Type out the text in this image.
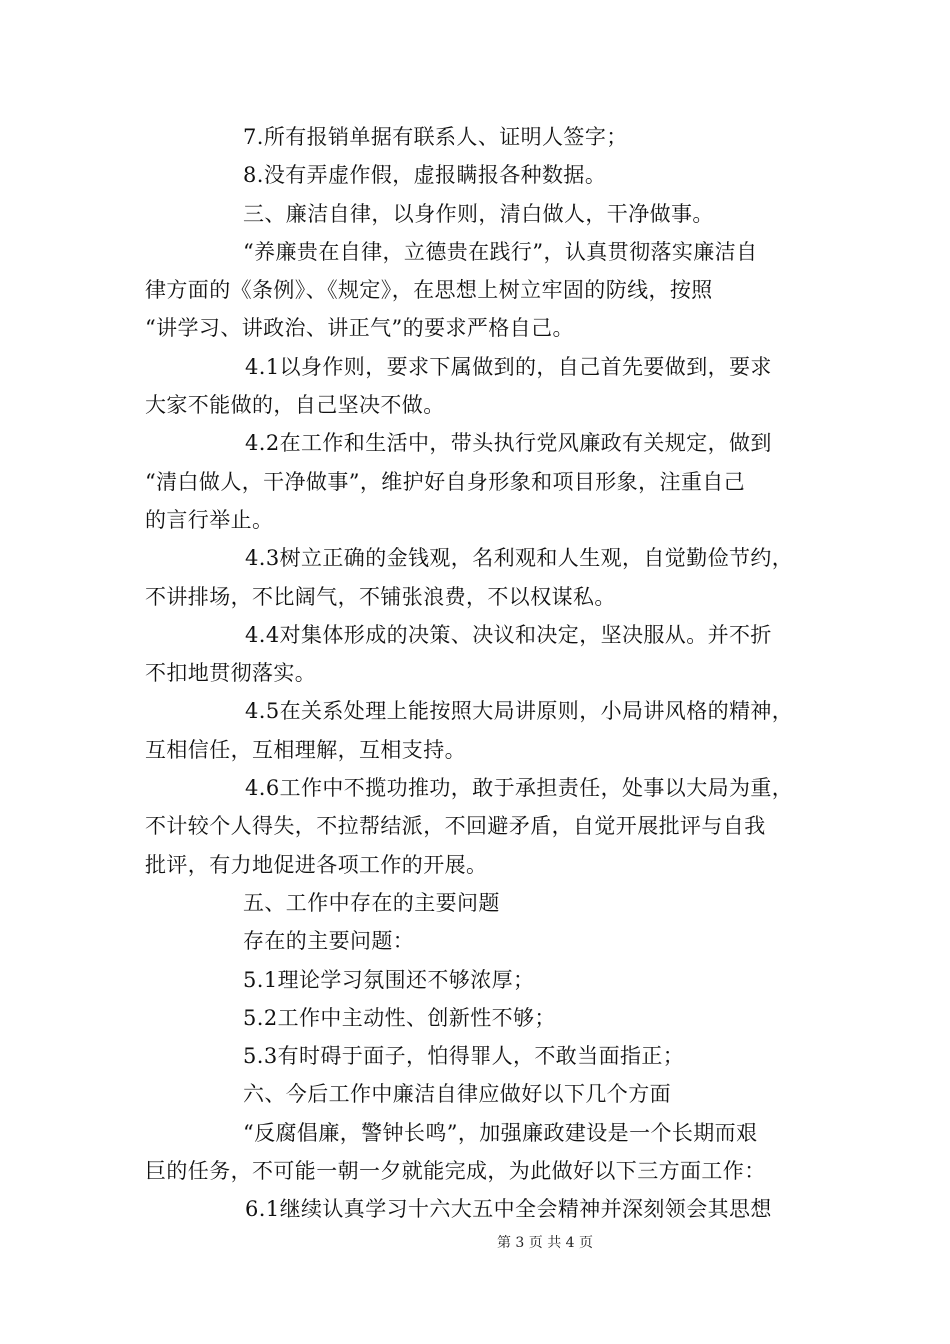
7.所有报销单据有联系人、证明人签字；
8.没有弄虚作假，虚报瞒报各种数据。
三、廉洁自律，以身作则，清白做人，干净做事。
“养廉贵在自律，立德贵在践行”，认真贯彻落实廉洁自
律方面的《条例》、《规定》，在思想上树立牢固的防线，按照
“讲学习、讲政治、讲正气”的要求严格自己。
4.1以身作则，要求下属做到的，自己首先要做到，要求
大家不能做的，自己坚决不做。
4.2在工作和生活中，带头执行党风廉政有关规定，做到
“清白做人，干净做事”，维护好自身形象和项目形象，注重自己
的言行举止。
4.3树立正确的金钱观，名利观和人生观，自觉勤俭节约，
不讲排场，不比阔气，不铺张浪费，不以权谋私。
4.4对集体形成的决策、决议和决定，坚决服从。并不折
不扣地贯彻落实。
4.5在关系处理上能按照大局讲原则，小局讲风格的精神，
互相信任，互相理解，互相支持。
4.6工作中不揽功推功，敢于承担责任，处事以大局为重，
不计较个人得失，不拉帮结派，不回避矛盾，自觉开展批评与自我
批评，有力地促进各项工作的开展。
五、工作中存在的主要问题
存在的主要问题：
5.1理论学习氛围还不够浓厚；
5.2工作中主动性、创新性不够；
5.3有时碍于面子，怕得罪人，不敢当面指正；
六、今后工作中廉洁自律应做好以下几个方面
“反腐倡廉，警钟长鸣”，加强廉政建设是一个长期而艰
巨的任务，不可能一朝一夕就能完成，为此做好以下三方面工作：
6.1继续认真学习十六大五中全会精神并深刻领会其思想
第 3 页 共 4 页
